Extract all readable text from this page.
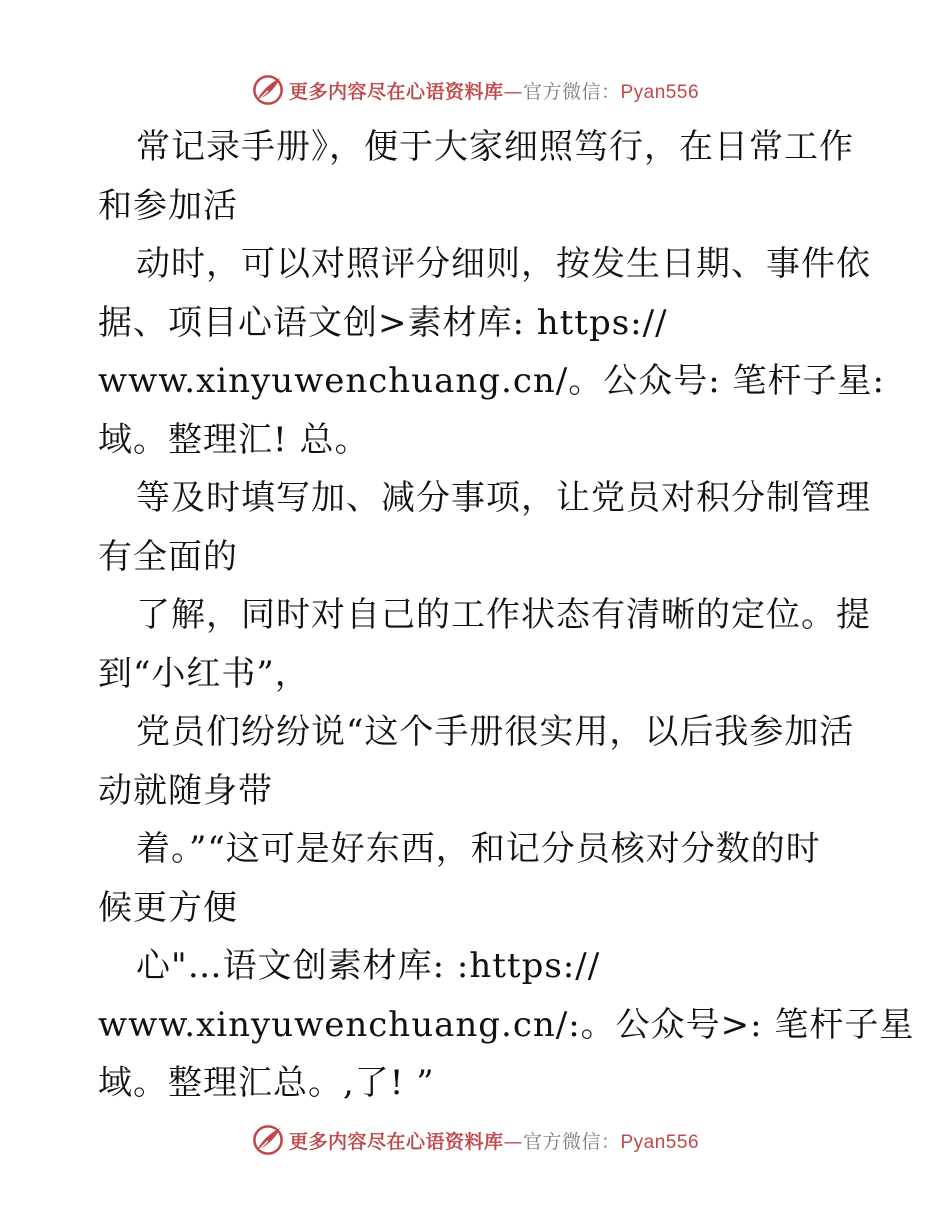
更多内容尽在心语资料库—官方微信：Pyan556

常记录手册》，便于大家细照笃行，在日常工作

和参加活

动时，可以对照评分细则，按发生日期、事件依

据、项目心语文创>素材库: https://

www.xinyuwenchuang.cn/。公众号: 笔杆子星:

域。整理汇! 总。

等及时填写加、减分事项，让党员对积分制管理

有全面的

了解，同时对自己的工作状态有清晰的定位。提

到“小红书”，

党员们纷纷说“这个手册很实用，以后我参加活

动就随身带

着。”“这可是好东西，和记分员核对分数的时

候更方便

心"…语文创素材库: :https://

www.xinyuwenchuang.cn/:。公众号>: 笔杆子星

域。整理汇总。,了! ”

更多内容尽在心语资料库—官方微信：Pyan556
